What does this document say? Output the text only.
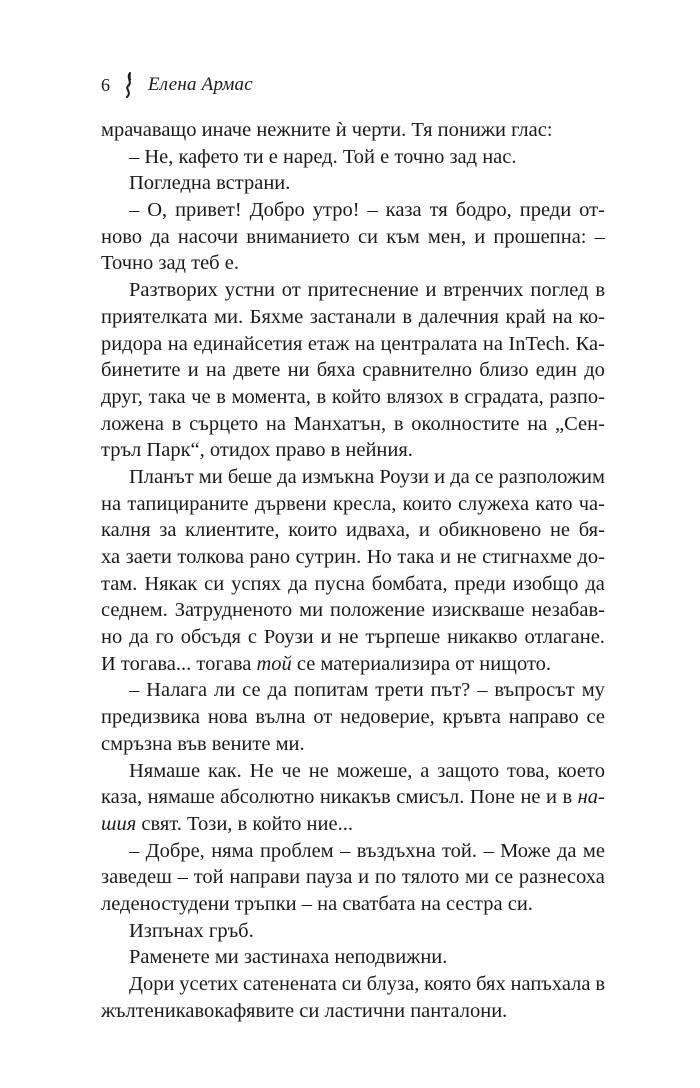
6 Елена Армас
мрачаващо иначе нежните ѝ черти. Тя понижи глас:
– Не, кафето ти е наред. Той е точно зад нас.
Погледна встрани.
– О, привет! Добро утро! – каза тя бодро, преди от-
ново да насочи вниманието си към мен, и прошепна: –
Точно зад теб е.
Разтворих устни от притеснение и втренчих поглед в
приятелката ми. Бяхме застанали в далечния край на ко-
ридора на единайсетия етаж на централата на InTech. Ка-
бинетите и на двете ни бяха сравнително близо един до
друг, така че в момента, в който влязох в сградата, разпо-
ложена в сърцето на Манхатън, в околностите на „Сен-
тръл Парк“, отидох право в нейния.
Планът ми беше да измъкна Роузи и да се разположим
на тапицираните дървени кресла, които служеха като ча-
калня за клиентите, които идваха, и обикновено не бя-
ха заети толкова рано сутрин. Но така и не стигнахме до-
там. Някак си успях да пусна бомбата, преди изобщо да
седнем. Затрудненото ми положение изискваше незабав-
но да го обсъдя с Роузи и не търпеше никакво отлагане.
И тогава... тогава той се материализира от нищото.
– Налага ли се да попитам трети път? – въпросът му
предизвика нова вълна от недоверие, кръвта направо се
смръзна във вените ми.
Нямаше как. Не че не можеше, а защото това, което
каза, нямаше абсолютно никакъв смисъл. Поне не и в на-
шия свят. Този, в който ние...
– Добре, няма проблем – въздъхна той. – Може да ме
заведеш – той направи пауза и по тялото ми се разнесоха
леденостудени тръпки – на сватбата на сестра си.
Изпънах гръб.
Раменете ми застинаха неподвижни.
Дори усетих сатенената си блуза, която бях напъхала в
жълтеникавокафявите си ластични панталони.
